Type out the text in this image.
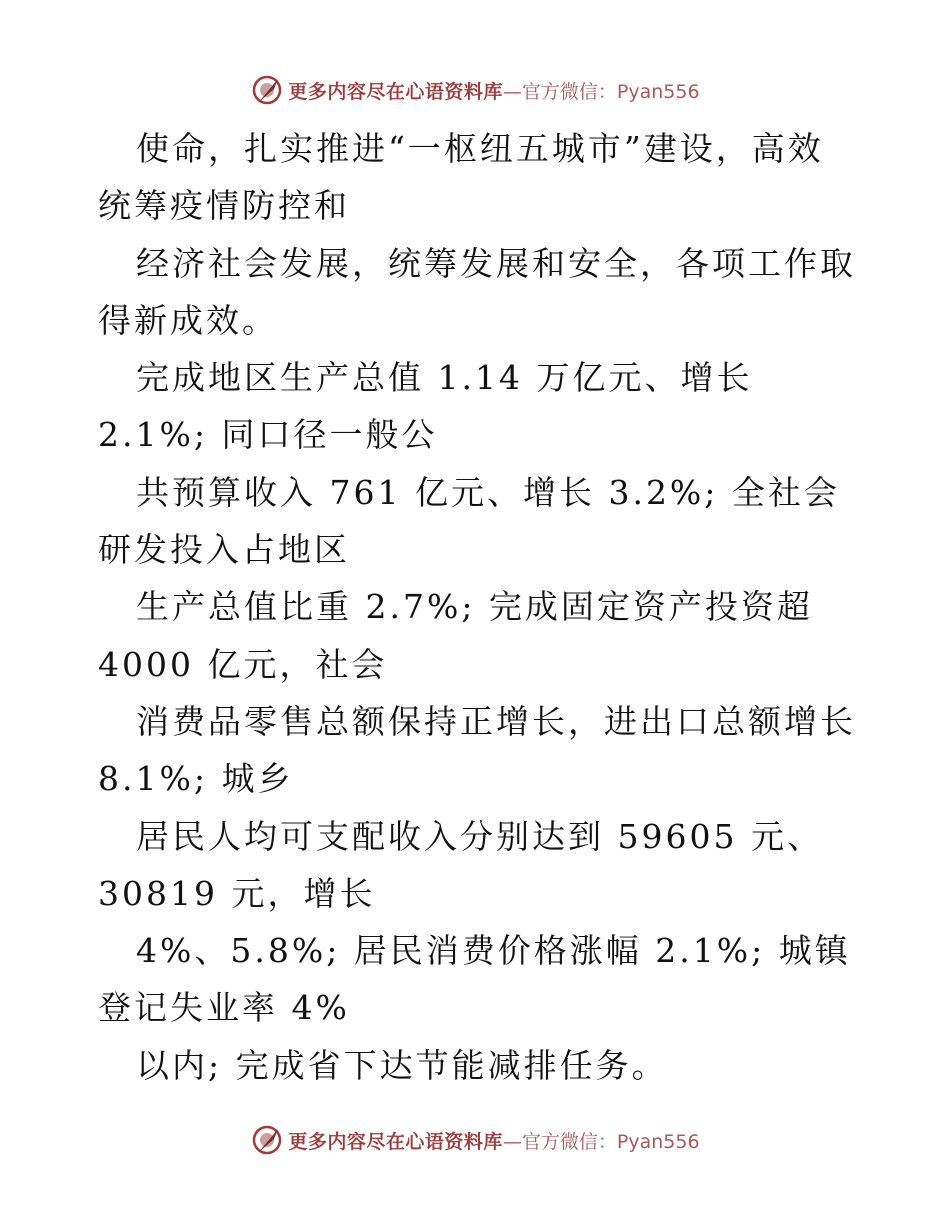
更多内容尽在心语资料库 —官方微信：Pyan556

使命，扎实推进“一枢纽五城市”建设，高效统筹疫情防控和

经济社会发展，统筹发展和安全，各项工作取得新成效。

完成地区生产总值 1.14 万亿元、增长 2.1%; 同口径一般公

共预算收入 761 亿元、增长 3.2%; 全社会研发投入占地区

生产总值比重 2.7%; 完成固定资产投资超 4000 亿元，社会

消费品零售总额保持正增长，进出口总额增长 8.1%; 城乡

居民人均可支配收入分别达到 59605 元、30819 元，增长

4%、5.8%; 居民消费价格涨幅 2.1%; 城镇登记失业率 4%

以内; 完成省下达节能减排任务。

更多内容尽在心语资料库 —官方微信：Pyan556
